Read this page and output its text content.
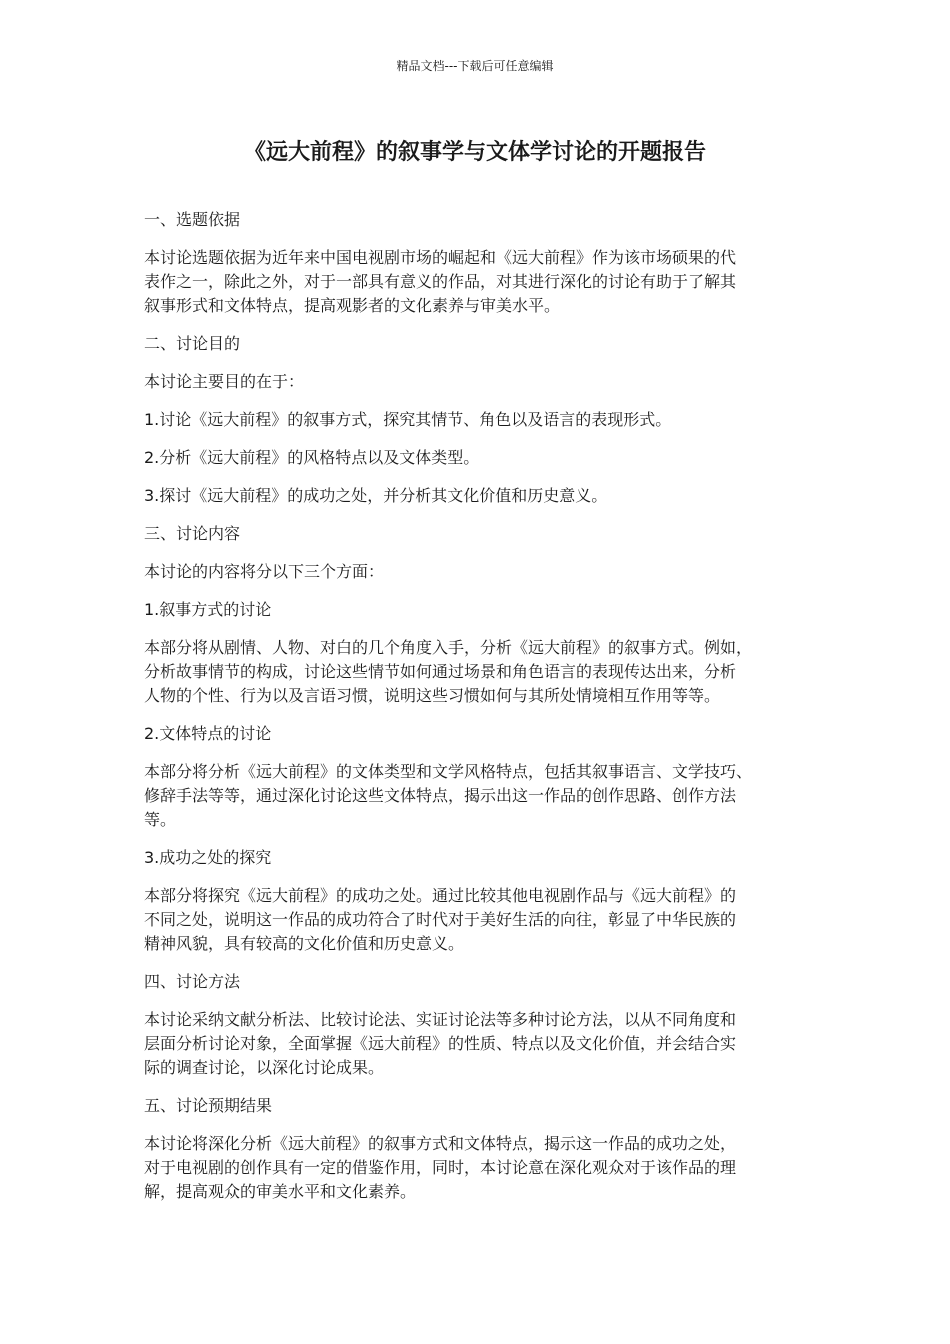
精品文档---下载后可任意编辑
《远大前程》的叙事学与文体学讨论的开题报告
一、选题依据
本讨论选题依据为近年来中国电视剧市场的崛起和《远大前程》作为该市场硕果的代
表作之一，除此之外，对于一部具有意义的作品，对其进行深化的讨论有助于了解其
叙事形式和文体特点，提高观影者的文化素养与审美水平。
二、讨论目的
本讨论主要目的在于：
1.讨论《远大前程》的叙事方式，探究其情节、角色以及语言的表现形式。
2.分析《远大前程》的风格特点以及文体类型。
3.探讨《远大前程》的成功之处，并分析其文化价值和历史意义。
三、讨论内容
本讨论的内容将分以下三个方面：
1.叙事方式的讨论
本部分将从剧情、人物、对白的几个角度入手，分析《远大前程》的叙事方式。例如，
分析故事情节的构成，讨论这些情节如何通过场景和角色语言的表现传达出来，分析
人物的个性、行为以及言语习惯，说明这些习惯如何与其所处情境相互作用等等。
2.文体特点的讨论
本部分将分析《远大前程》的文体类型和文学风格特点，包括其叙事语言、文学技巧、
修辞手法等等，通过深化讨论这些文体特点，揭示出这一作品的创作思路、创作方法
等。
3.成功之处的探究
本部分将探究《远大前程》的成功之处。通过比较其他电视剧作品与《远大前程》的
不同之处，说明这一作品的成功符合了时代对于美好生活的向往，彰显了中华民族的
精神风貌，具有较高的文化价值和历史意义。
四、讨论方法
本讨论采纳文献分析法、比较讨论法、实证讨论法等多种讨论方法，以从不同角度和
层面分析讨论对象，全面掌握《远大前程》的性质、特点以及文化价值，并会结合实
际的调查讨论，以深化讨论成果。
五、讨论预期结果
本讨论将深化分析《远大前程》的叙事方式和文体特点，揭示这一作品的成功之处，
对于电视剧的创作具有一定的借鉴作用，同时，本讨论意在深化观众对于该作品的理
解，提高观众的审美水平和文化素养。
